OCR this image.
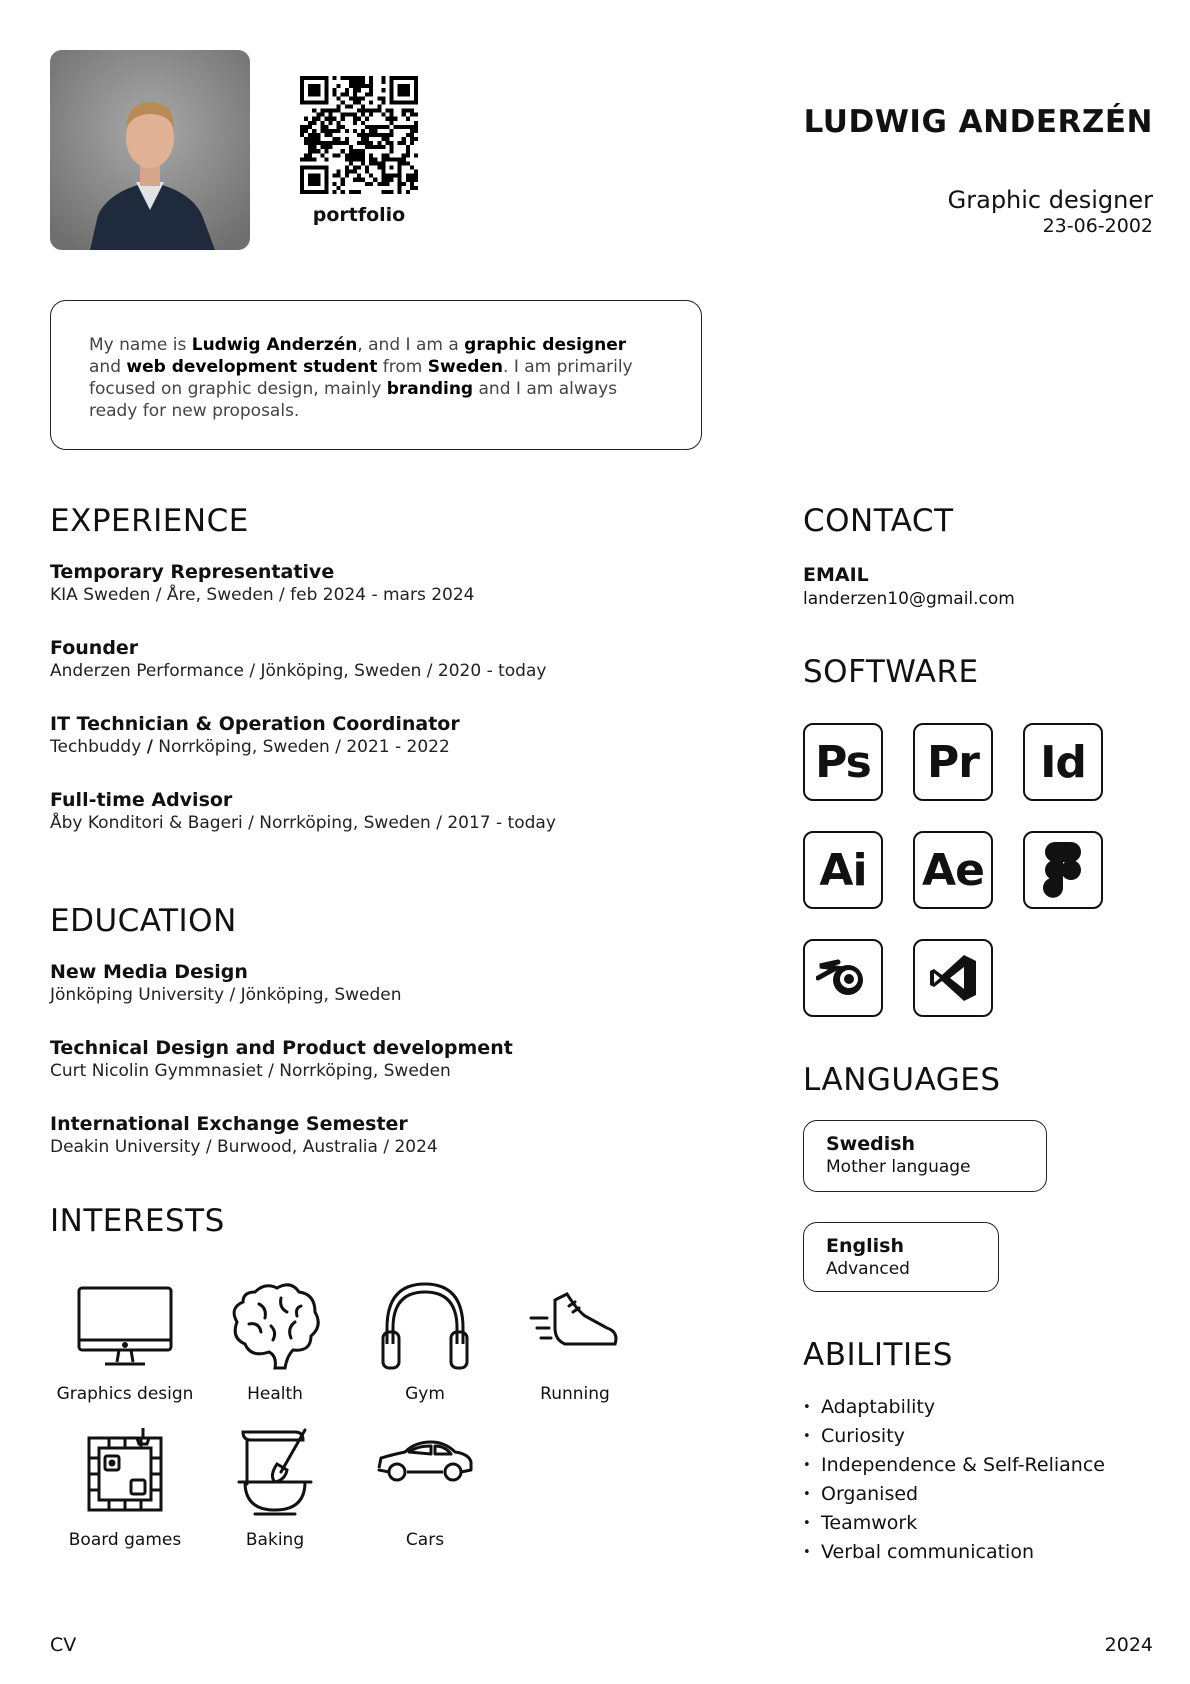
portfolio
LUDWIG ANDERZÉN
Graphic designer
23-06-2002
My name is Ludwig Anderzén, and I am a graphic designer and web development student from Sweden. I am primarily focused on graphic design, mainly branding and I am always ready for new proposals.
EXPERIENCE
Temporary Representative
KIA Sweden / Åre, Sweden / feb 2024 - mars 2024
Founder
Anderzen Performance / Jönköping, Sweden / 2020 - today
IT Technician & Operation Coordinator
Techbuddy / Norrköping, Sweden / 2021 - 2022
Full-time Advisor
Åby Konditori & Bageri / Norrköping, Sweden / 2017 - today
EDUCATION
New Media Design
Jönköping University / Jönköping, Sweden
Technical Design and Product development
Curt Nicolin Gymmnasiet / Norrköping, Sweden
International Exchange Semester
Deakin University / Burwood, Australia / 2024
INTERESTS
Graphics design	Health	Gym	Running
Board games	Baking	Cars
CONTACT
EMAIL
landerzen10@gmail.com
SOFTWARE
Ps	Pr	Id
Ai	Ae
LANGUAGES
Swedish
Mother language
English
Advanced
ABILITIES
• Adaptability
• Curiosity
• Independence & Self-Reliance
• Organised
• Teamwork
• Verbal communication
CV	2024
